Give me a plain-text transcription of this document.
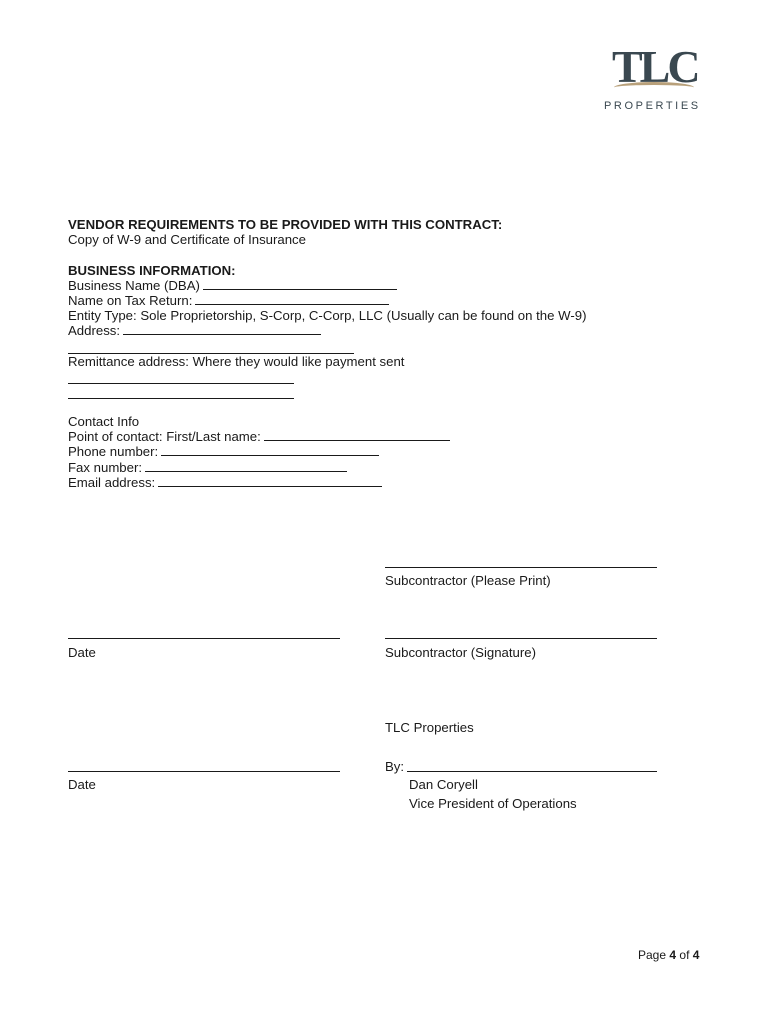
TLC
PROPERTIES
VENDOR REQUIREMENTS TO BE PROVIDED WITH THIS CONTRACT:
Copy of W-9 and Certificate of Insurance
BUSINESS INFORMATION:
Business Name (DBA)
Name on Tax Return:
Entity Type: Sole Proprietorship, S-Corp, C-Corp, LLC (Usually can be found on the W-9)
Address:
Remittance address: Where they would like payment sent
Contact Info
Point of contact: First/Last name:
Phone number:
Fax number:
Email address:
Subcontractor (Please Print)
Date	Subcontractor (Signature)
TLC Properties
Date
By:
Dan Coryell
Vice President of Operations
Page 4 of 4
